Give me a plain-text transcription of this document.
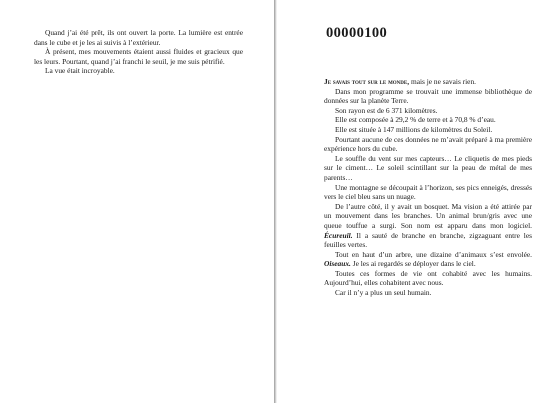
Quand j’ai été prêt, ils ont ouvert la porte. La lumière est entrée dans le cube et je les ai suivis à l’extérieur.

À présent, mes mouvements étaient aussi fluides et gracieux que les leurs. Pourtant, quand j’ai franchi le seuil, je me suis pétrifié.

La vue était incroyable.

00000100

Je savais tout sur le monde, mais je ne savais rien.

Dans mon programme se trouvait une immense bibliothèque de données sur la planète Terre.

Son rayon est de 6 371 kilomètres.

Elle est composée à 29,2 % de terre et à 70,8 % d’eau.

Elle est située à 147 millions de kilomètres du Soleil.

Pourtant aucune de ces données ne m’avait préparé à ma première expérience hors du cube.

Le souffle du vent sur mes capteurs… Le cliquetis de mes pieds sur le ciment… Le soleil scintillant sur la peau de métal de mes parents…

Une montagne se découpait à l’horizon, ses pics enneigés, dressés vers le ciel bleu sans un nuage.

De l’autre côté, il y avait un bosquet. Ma vision a été attirée par un mouvement dans les branches. Un animal brun/gris avec une queue touffue a surgi. Son nom est apparu dans mon logiciel. Écureuil. Il a sauté de branche en branche, zigzaguant entre les feuilles vertes.

Tout en haut d’un arbre, une dizaine d’animaux s’est envolée. Oiseaux. Je les ai regardés se déployer dans le ciel.

Toutes ces formes de vie ont cohabité avec les humains. Aujourd’hui, elles cohabitent avec nous.

Car il n’y a plus un seul humain.
